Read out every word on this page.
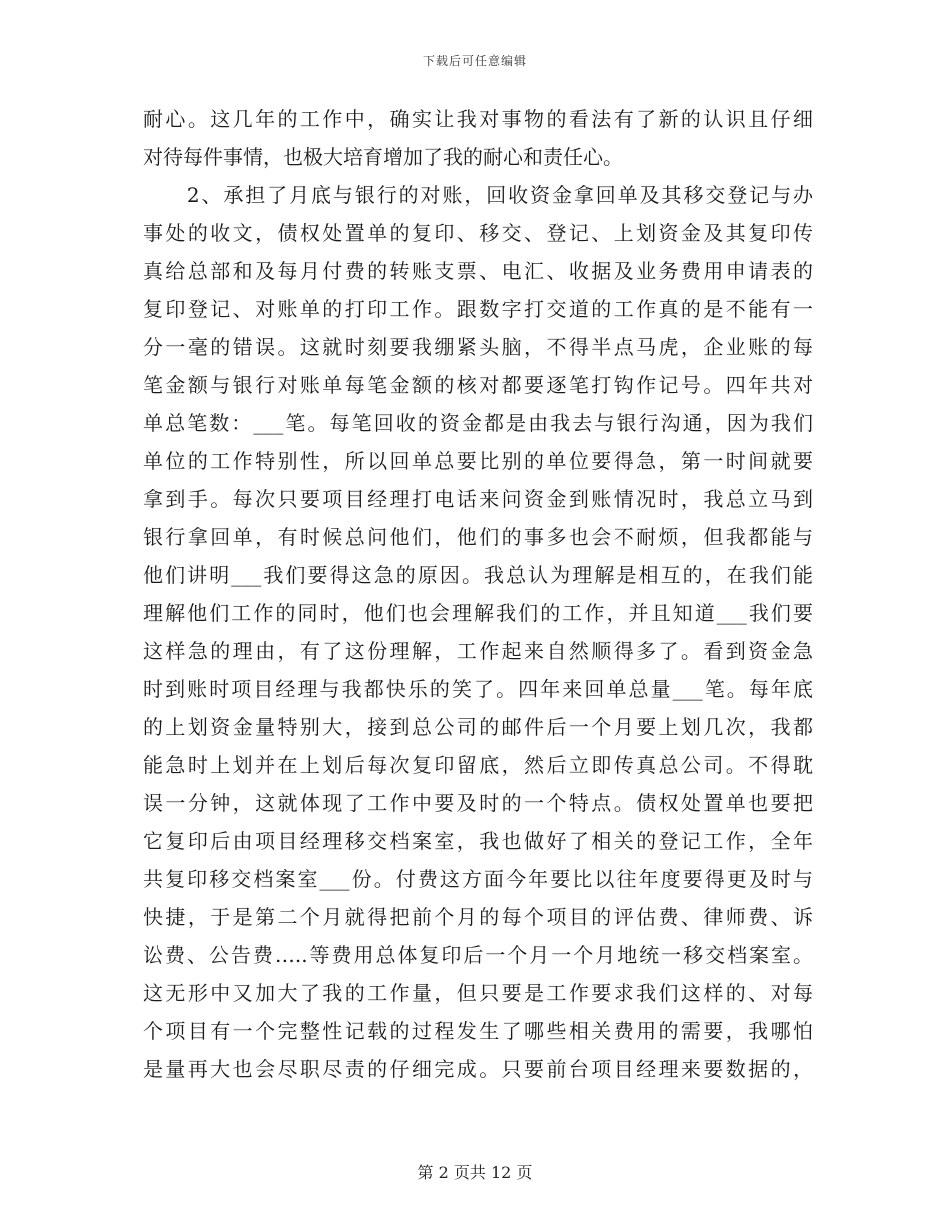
下载后可任意编辑
耐心。这几年的工作中，确实让我对事物的看法有了新的认识且仔细
对待每件事情，也极大培育增加了我的耐心和责任心。
　　2、承担了月底与银行的对账，回收资金拿回单及其移交登记与办
事处的收文，债权处置单的复印、移交、登记、上划资金及其复印传
真给总部和及每月付费的转账支票、电汇、收据及业务费用申请表的
复印登记、对账单的打印工作。跟数字打交道的工作真的是不能有一
分一毫的错误。这就时刻要我绷紧头脑，不得半点马虎，企业账的每
笔金额与银行对账单每笔金额的核对都要逐笔打钩作记号。四年共对
单总笔数：___笔。每笔回收的资金都是由我去与银行沟通，因为我们
单位的工作特别性，所以回单总要比别的单位要得急，第一时间就要
拿到手。每次只要项目经理打电话来问资金到账情况时，我总立马到
银行拿回单，有时候总问他们，他们的事多也会不耐烦，但我都能与
他们讲明___我们要得这急的原因。我总认为理解是相互的，在我们能
理解他们工作的同时，他们也会理解我们的工作，并且知道___我们要
这样急的理由，有了这份理解，工作起来自然顺得多了。看到资金急
时到账时项目经理与我都快乐的笑了。四年来回单总量___笔。每年底
的上划资金量特别大，接到总公司的邮件后一个月要上划几次，我都
能急时上划并在上划后每次复印留底，然后立即传真总公司。不得耽
误一分钟，这就体现了工作中要及时的一个特点。债权处置单也要把
它复印后由项目经理移交档案室，我也做好了相关的登记工作，全年
共复印移交档案室___份。付费这方面今年要比以往年度要得更及时与
快捷，于是第二个月就得把前个月的每个项目的评估费、律师费、诉
讼费、公告费…..等费用总体复印后一个月一个月地统一移交档案室。
这无形中又加大了我的工作量，但只要是工作要求我们这样的、对每
个项目有一个完整性记载的过程发生了哪些相关费用的需要，我哪怕
是量再大也会尽职尽责的仔细完成。只要前台项目经理来要数据的，
第 2 页共 12 页
